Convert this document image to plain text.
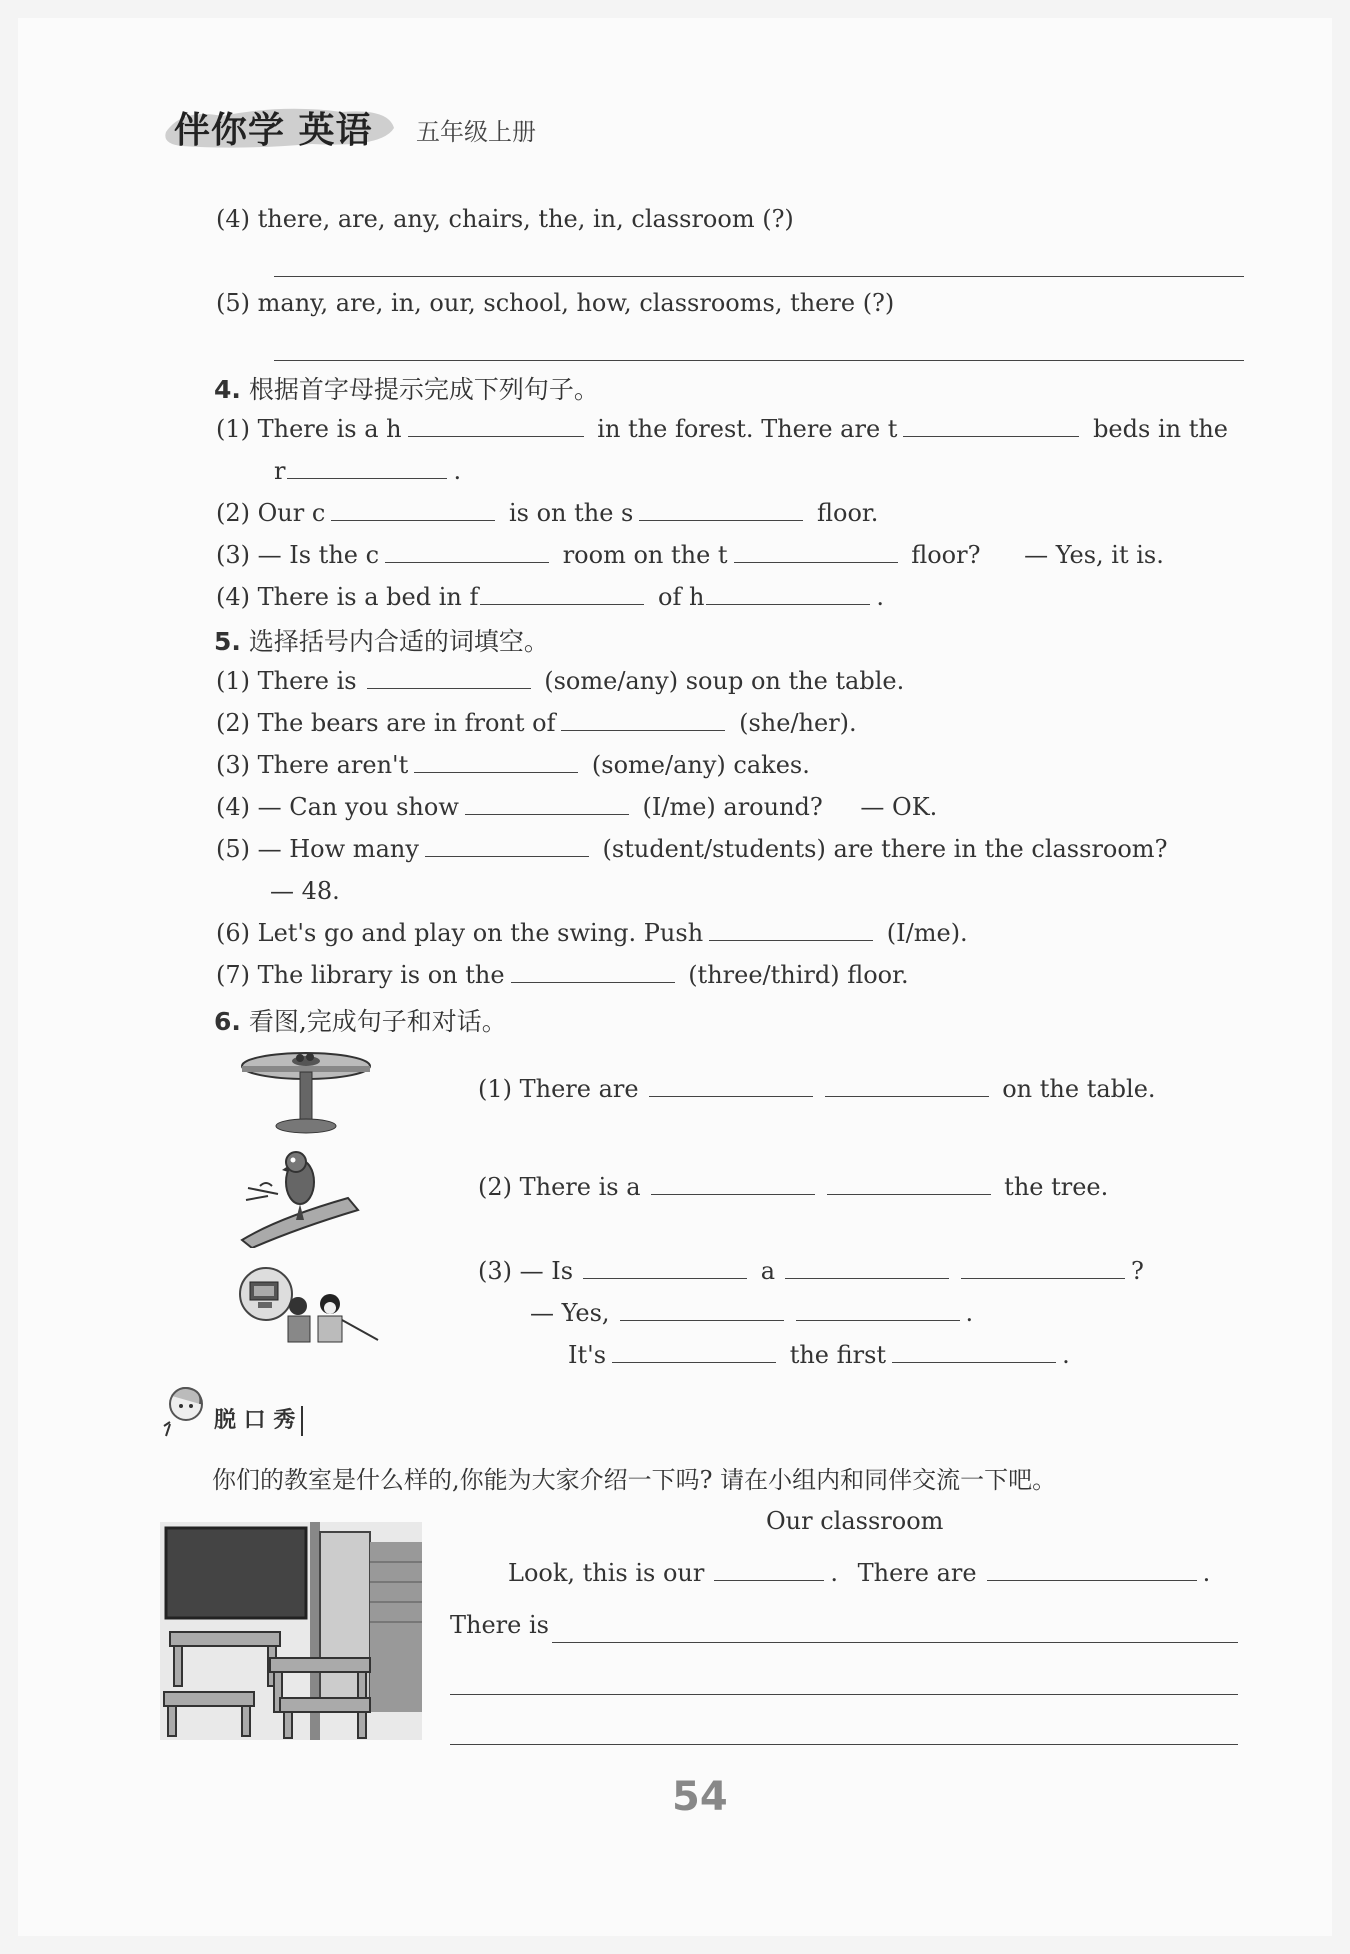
伴你学 英语 五年级上册
(4) there, are, any, chairs, the, in, classroom (?)
(5) many, are, in, our, school, how, classrooms, there (?)
4. 根据首字母提示完成下列句子。
(1) There is a h	in the forest. There are t	beds in the
r	.
(2) Our c	is on the s	floor.
(3) — Is the c	room on the t	floor? — Yes, it is.
(4) There is a bed in f	of h	.
5. 选择括号内合适的词填空。
(1) There is	(some/any) soup on the table.
(2) The bears are in front of	(she/her).
(3) There aren't	(some/any) cakes.
(4) — Can you show	(I/me) around? — OK.
(5) — How many	(student/students) are there in the classroom?
— 48.
(6) Let's go and play on the swing. Push	(I/me).
(7) The library is on the	(three/third) floor.
6. 看图,完成句子和对话。
(1) There are	on the table.
(2) There is a	the tree.
(3) — Is	a	?
— Yes,	.
It's	the first	.
脱 口 秀
你们的教室是什么样的,你能为大家介绍一下吗? 请在小组内和同伴交流一下吧。
Our classroom
Look, this is our	. There are	.
There is
54
